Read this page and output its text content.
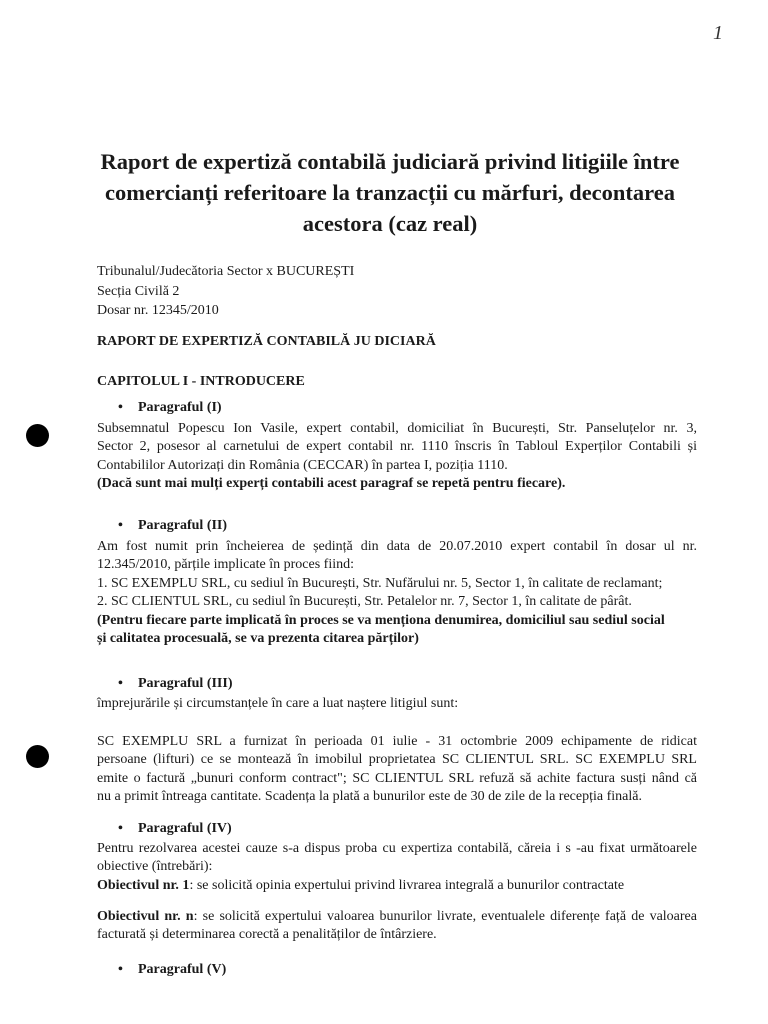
1
Raport de expertiză contabilă judiciară privind litigiile între comercianți referitoare la tranzacții cu mărfuri, decontarea acestora (caz real)

Tribunalul/Judecătoria Sector x BUCUREȘTI

Secția Civilă 2

Dosar nr. 12345/2010

RAPORT DE EXPERTIZĂ CONTABILĂ JU DICIARĂ
CAPITOLUL I - INTRODUCERE
• Paragraful (I)

Subsemnatul Popescu Ion Vasile, expert contabil, domiciliat în București, Str. Panseluțelor nr. 3,

Sector 2, posesor al carnetului de expert contabil nr. 1110 înscris în Tabloul Experților Contabili și

Contabililor Autorizați din România (CECCAR) în partea I, poziția 1110.

(Dacă sunt mai mulți experți contabili acest paragraf se repetă pentru fiecare).

• Paragraful (II)

Am fost numit prin încheierea de ședință din data de 20.07.2010 expert contabil în dosar ul nr.

12.345/2010, părțile implicate în proces fiind:

1. SC EXEMPLU SRL, cu sediul în București, Str. Nufărului nr. 5, Sector 1, în calitate de reclamant;

2. SC CLIENTUL SRL, cu sediul în București, Str. Petalelor nr. 7, Sector 1, în calitate de pârât.

(Pentru fiecare parte implicată în proces se va menționa denumirea, domiciliul sau sediul social

și calitatea procesuală, se va prezenta citarea părților)

• Paragraful (III)
împrejurările și circumstanțele în care a luat naștere litigiul sunt:

SC EXEMPLU SRL a furnizat în perioada 01 iulie - 31 octombrie 2009 echipamente de ridicat

persoane (lifturi) ce se montează în imobilul proprietatea SC CLIENTUL SRL. SC EXEMPLU SRL

emite o factură „bunuri conform contract"; SC CLIENTUL SRL refuză să achite factura susți nând că

nu a primit întreaga cantitate. Scadența la plată a bunurilor este de 30 de zile de la recepția finală.

• Paragraful (IV)

Pentru rezolvarea acestei cauze s-a dispus proba cu expertiza contabilă, căreia i s -au fixat următoarele

obiective (întrebări):

Obiectivul nr. 1: se solicită opinia expertului privind livrarea integrală a bunurilor contractate

Obiectivul nr. n: se solicită expertului valoarea bunurilor livrate, eventualele diferențe față de valoarea

facturată și determinarea corectă a penalităților de întârziere.

• Paragraful (V)
